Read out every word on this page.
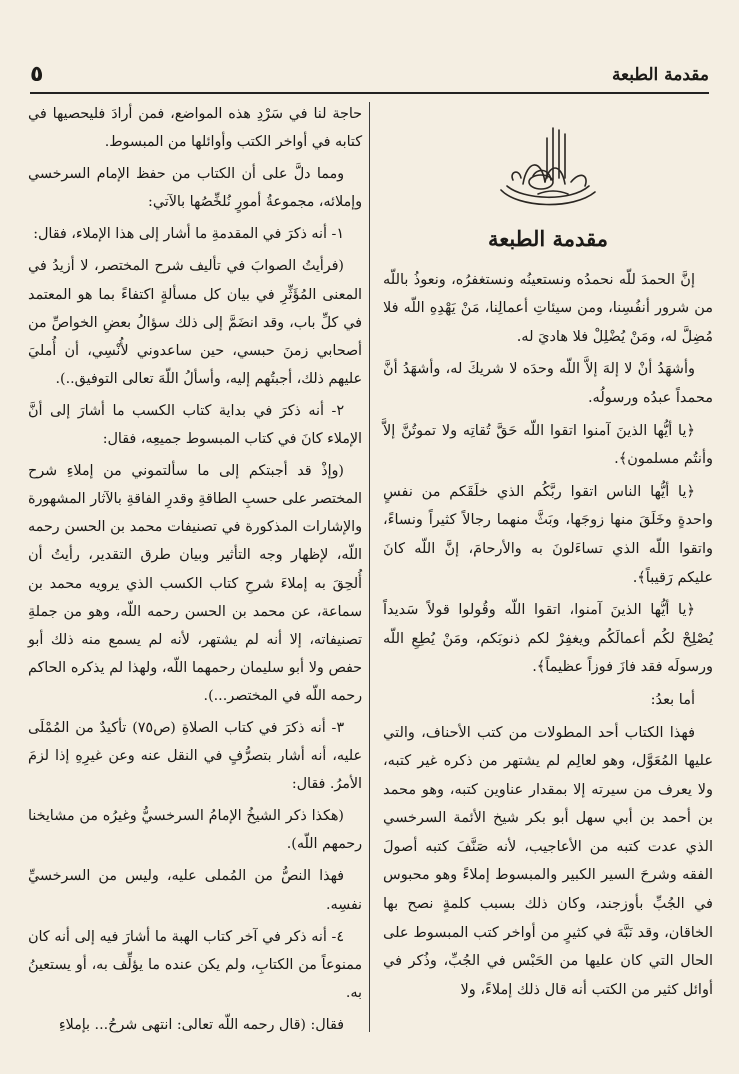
٥	مقدمة الطبعة
مقدمة الطبعة

إنَّ الحمدَ للّه نحمدُه ونستعينُه ونستغفرُه، ونعوذُ باللّه من شرور أنفُسِنا، ومن سيئاتِ أعمالِنا، مَنْ يَهْدِهِ اللّه فلا مُضِلَّ له، ومَنْ يُضْلِلْ فلا هاديَ له.

وأشهَدُ أنْ لا إلهَ إلاَّ اللّه وحدَه لا شريكَ له، وأشهَدُ أنَّ محمداً عبدُه ورسولُه.

﴿يا أيُّها الذينَ آمنوا اتقوا اللّه حَقَّ تُقاتِه ولا تموتُنَّ إلاَّ وأنتُم مسلمون﴾.

﴿يا أيُّها الناس اتقوا ربَّكُم الذي خلَقَكم من نفسٍ واحدةٍ وخَلَقَ منها زوجَها، وبَثَّ منهما رجالاً كثيراً ونساءً، واتقوا اللّه الذي تساءَلونَ به والأرحامَ، إنَّ اللّه كانَ عليكم رَقيباً﴾.

﴿يا أيُّها الذينَ آمنوا، اتقوا اللّه وقُولوا قولاً سَديداً يُصْلِحْ لكُم أعمالَكُم ويغفِرْ لكم ذنوبَكم، ومَنْ يُطِعِ اللّه ورسولَه فقد فازَ فوزاً عظيماً﴾.

أما بعدُ:

فهذا الكتاب أحد المطولات من كتب الأحناف، والتي عليها المُعَوَّل، وهو لعالِم لم يشتهر من ذكره غير كتبه، ولا يعرف من سيرته إلا بمقدار عناوين كتبه، وهو محمد بن أحمد بن أبي سهل أبو بكر شيخ الأئمة السرخسي الذي عدت كتبه من الأعاجيب، لأنه صَنَّفَ كتبه أصولَ الفقه وشرحَ السير الكبير والمبسوط إملاءً وهو محبوس في الجُبِّ بأوزجند، وكان ذلك بسبب كلمةٍ نصح بها الخاقان، وقد نَبَّهَ في كثيرٍ من أواخر كتب المبسوط على الحال التي كان عليها من الحَبْس في الجُبِّ، وذُكر في أوائل كثير من الكتب أنه قال ذلك إملاءً، ولا

حاجة لنا في سَرْدِ هذه المواضع، فمن أرادَ فليحصيها في كتابه في أواخر الكتب وأوائلها من المبسوط.

ومما دلَّ على أن الكتاب من حفظ الإمام السرخسي وإملائه، مجموعةُ أمورٍ نُلخِّصُها بالآتي:

١- أنه ذكرَ في المقدمةِ ما أشار إلى هذا الإملاء، فقال:

(فرأيتُ الصوابَ في تأليف شرح المختصر، لا أزيدُ في المعنى المُؤَثِّرِ في بيان كل مسألةٍ اكتفاءً بما هو المعتمد في كلِّ باب، وقد انضَمَّ إلى ذلك سؤالُ بعضِ الخواصِّ من أصحابي زمنَ حبسي، حين ساعدوني لأُنْسِي، أن أُمليَ عليهم ذلك، أجبتُهم إليه، وأسألُ اللّهَ تعالى التوفيق..).

٢- أنه ذكرَ في بداية كتاب الكسب ما أشارَ إلى أنَّ الإملاء كانَ في كتاب المبسوط جميعِه، فقال:

(وإذْ قد أجبتكم إلى ما سألتموني من إملاءِ شرح المختصر على حسبِ الطاقةِ وقدرِ الفاقةِ بالآثار المشهورة والإشارات المذكورة في تصنيفات محمد بن الحسن رحمه اللّه، لإظهار وجه التأثير وبيان طرق التقدير، رأيتُ أن أُلحِقَ به إملاءَ شرحِ كتاب الكسب الذي يرويه محمد بن سماعة، عن محمد بن الحسن رحمه اللّه، وهو من جملةِ تصنيفاته، إلا أنه لم يشتهر، لأنه لم يسمع منه ذلك أبو حفص ولا أبو سليمان رحمهما اللّه، ولهذا لم يذكره الحاكم رحمه اللّه في المختصر...).

٣- أنه ذكرَ في كتاب الصلاةِ (ص٧٥) تأكيدٌ من المُمْلَى عليه، أنه أشار بتصرُّفٍ في النقل عنه وعن غيرِهِ إذا لزمَ الأمرُ. فقال:

(هكذا ذكر الشيخُ الإمامُ السرخسيُّ وغيرُه من مشايخنا رحمهم اللّه).

فهذا النصُّ من المُملى عليه، وليس من السرخسيِّ نفسِه.

٤- أنه ذكر في آخر كتاب الهبة ما أشارَ فيه إلى أنه كان ممنوعاً من الكتابِ، ولم يكن عنده ما يؤلِّف به، أو يستعينُ به.

فقال: (قال رحمه اللّه تعالى: انتهى شرحُ... بإملاءِ
